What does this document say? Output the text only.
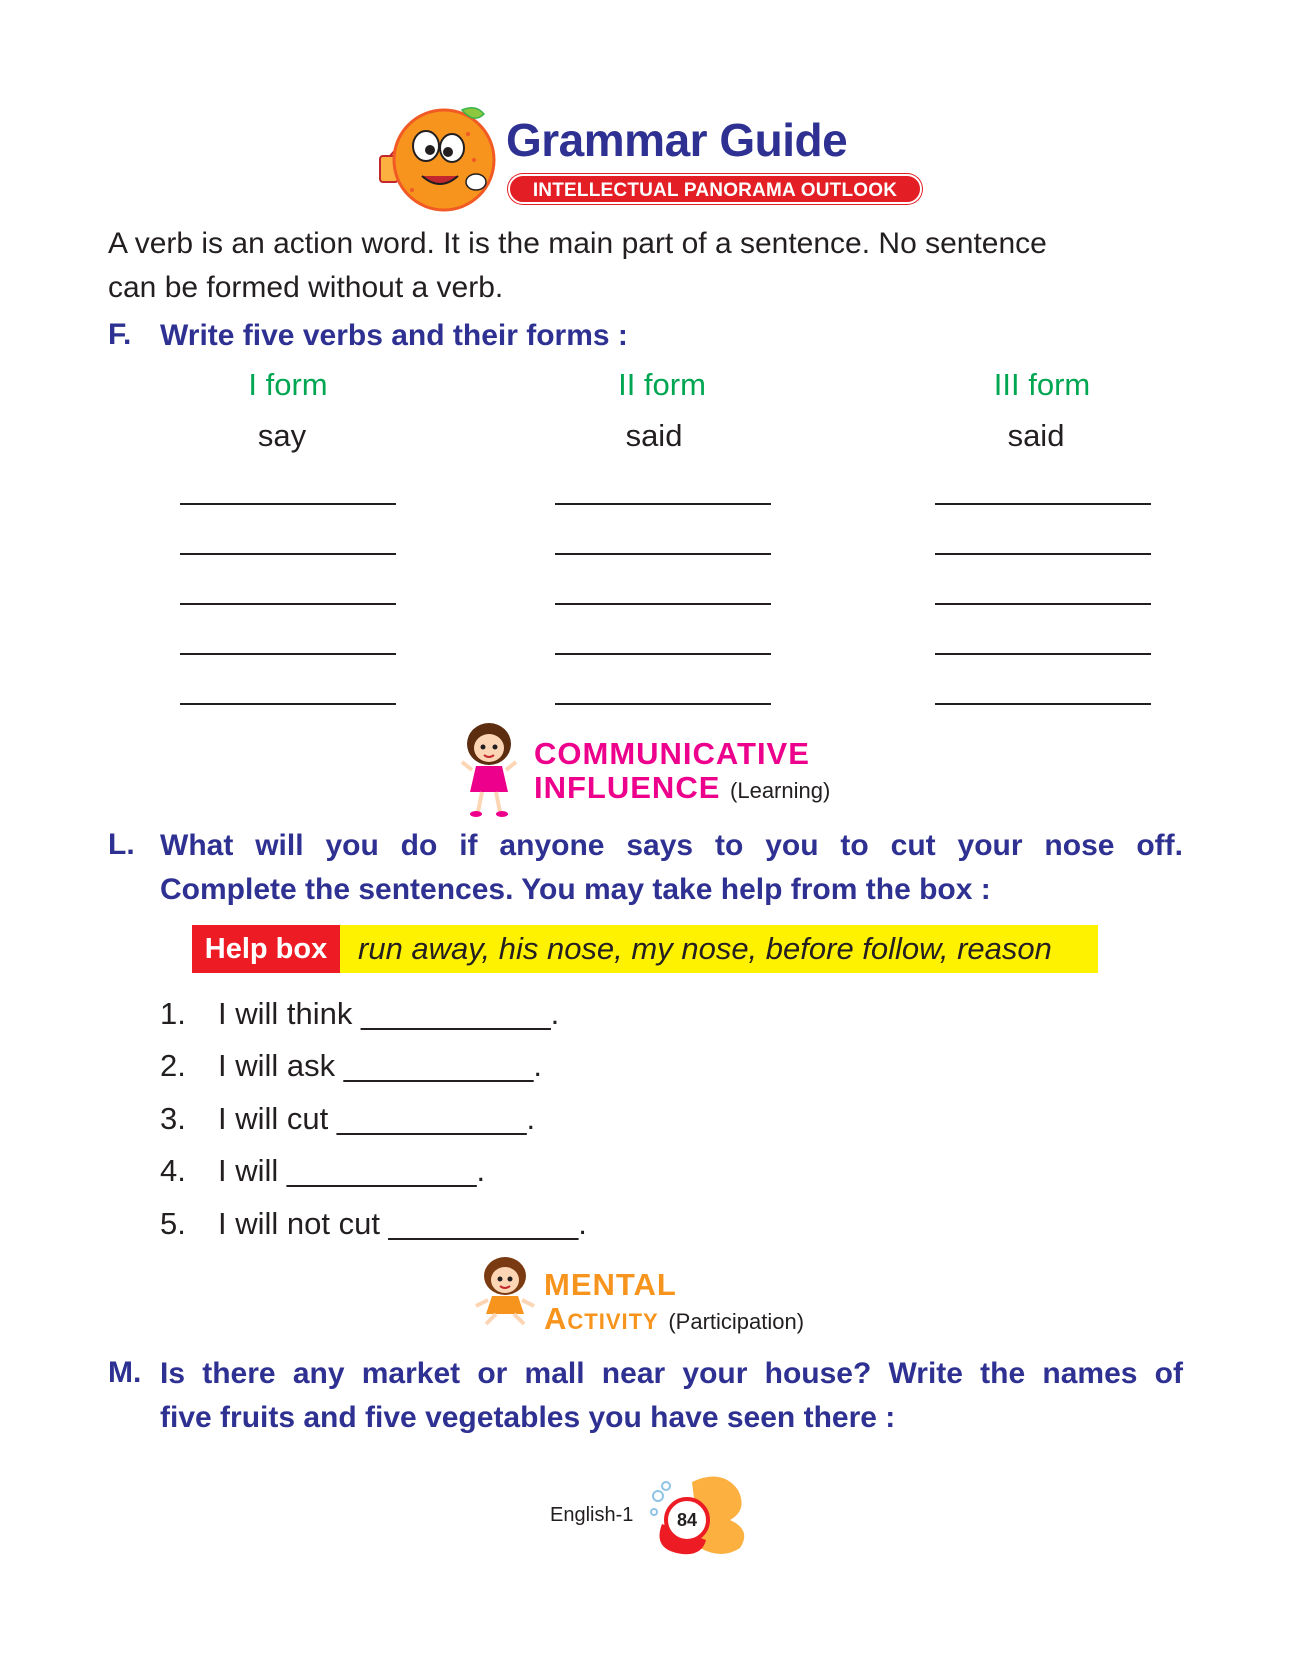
Grammar Guide
INTELLECTUAL PANORAMA OUTLOOK
A verb is an action word. It is the main part of a sentence. No sentence
can be formed without a verb.
F. Write five verbs and their forms :
I form	II form	III form
say	said	said
COMMUNICATIVE
INFLUENCE (Learning)
L. What will you do if anyone says to you to cut your nose off.
Complete the sentences. You may take help from the box :
Help box run away, his nose, my nose, before follow, reason
1.	I will think ___________.
2.	I will ask ___________.
3.	I will cut ___________.
4.	I will ___________.
5.	I will not cut ___________.
MENTAL
Activity (Participation)
M. Is there any market or mall near your house? Write the names of
five fruits and five vegetables you have seen there :
English-1	84
